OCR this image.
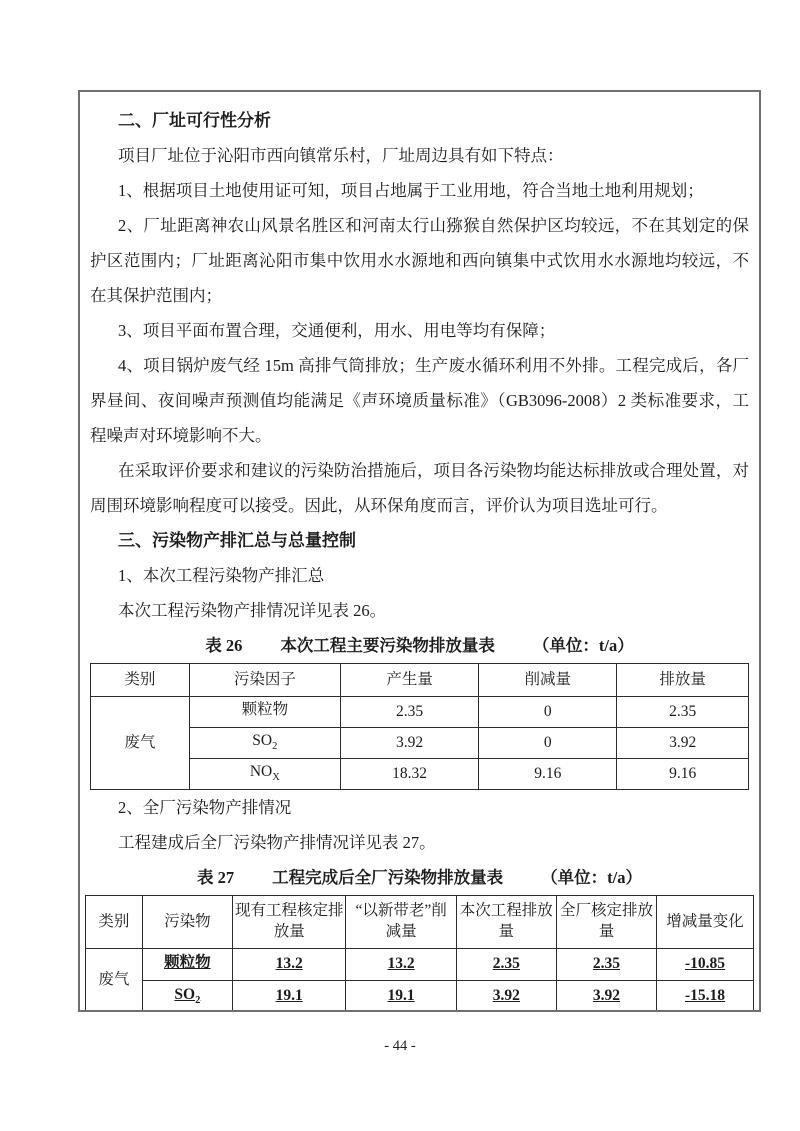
二、厂址可行性分析

项目厂址位于沁阳市西向镇常乐村，厂址周边具有如下特点：

1、根据项目土地使用证可知，项目占地属于工业用地，符合当地土地利用规划；

2、厂址距离神农山风景名胜区和河南太行山猕猴自然保护区均较远，不在其划定的保护区范围内；厂址距离沁阳市集中饮用水水源地和西向镇集中式饮用水水源地均较远，不在其保护范围内；

3、项目平面布置合理，交通便利，用水、用电等均有保障；

4、项目锅炉废气经 15m 高排气筒排放；生产废水循环利用不外排。工程完成后，各厂界昼间、夜间噪声预测值均能满足《声环境质量标准》（GB3096-2008）2 类标准要求，工程噪声对环境影响不大。

在采取评价要求和建议的污染防治措施后，项目各污染物均能达标排放或合理处置，对周围环境影响程度可以接受。因此，从环保角度而言，评价认为项目选址可行。

三、污染物产排汇总与总量控制

1、本次工程污染物产排汇总

本次工程污染物产排情况详见表 26。

表 26 本次工程主要污染物排放量表 （单位：t/a）
类别	污染因子	产生量	削减量	排放量
废气	颗粒物	2.35	0	2.35
	$SO_2$	3.92	0	3.92
	$NO_X$	18.32	9.16	9.16

2、全厂污染物产排情况

工程建成后全厂污染物产排情况详见表 27。

表 27 工程完成后全厂污染物排放量表 （单位：t/a）
类别	污染物	现有工程核定排放量	“以新带老”削减量	本次工程排放量	全厂核定排放量	增减量变化
废气	颗粒物	13.2	13.2	2.35	2.35	-10.85
	$SO_2$	19.1	19.1	3.92	3.92	-15.18
- 44 -
